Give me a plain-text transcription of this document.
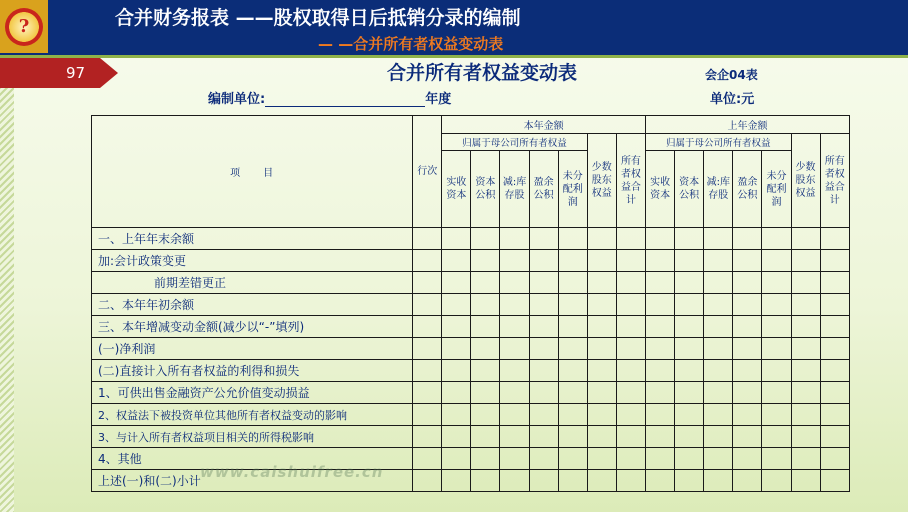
?	合并财务报表 ——股权取得日后抵销分录的编制
— —合并所有者权益变动表
97	合并所有者权益变动表	会企04表
编制单位:	年度	单位:元
项　　目	行次	本年金额							上年金额						
		归属于母公司所有者权益					少数股东权益	所有者权益合计	归属于母公司所有者权益					少数股东权益	所有者权益合计
		实收资本	资本公积	减:库存股	盈余公积	未分配利润			实收资本	资本公积	减:库存股	盈余公积	未分配利润		
一、上年年末余额															
加:会计政策变更															
前期差错更正															
二、本年年初余额															
三、本年增减变动金额(减少以“-”填列)															
(一)净利润															
(二)直接计入所有者权益的利得和损失															
1、可供出售金融资产公允价值变动损益															
2、权益法下被投资单位其他所有者权益变动的影响															
3、与计入所有者权益项目相关的所得税影响															
4、其他															
上述(一)和(二)小计															www.caishuifree.cn
